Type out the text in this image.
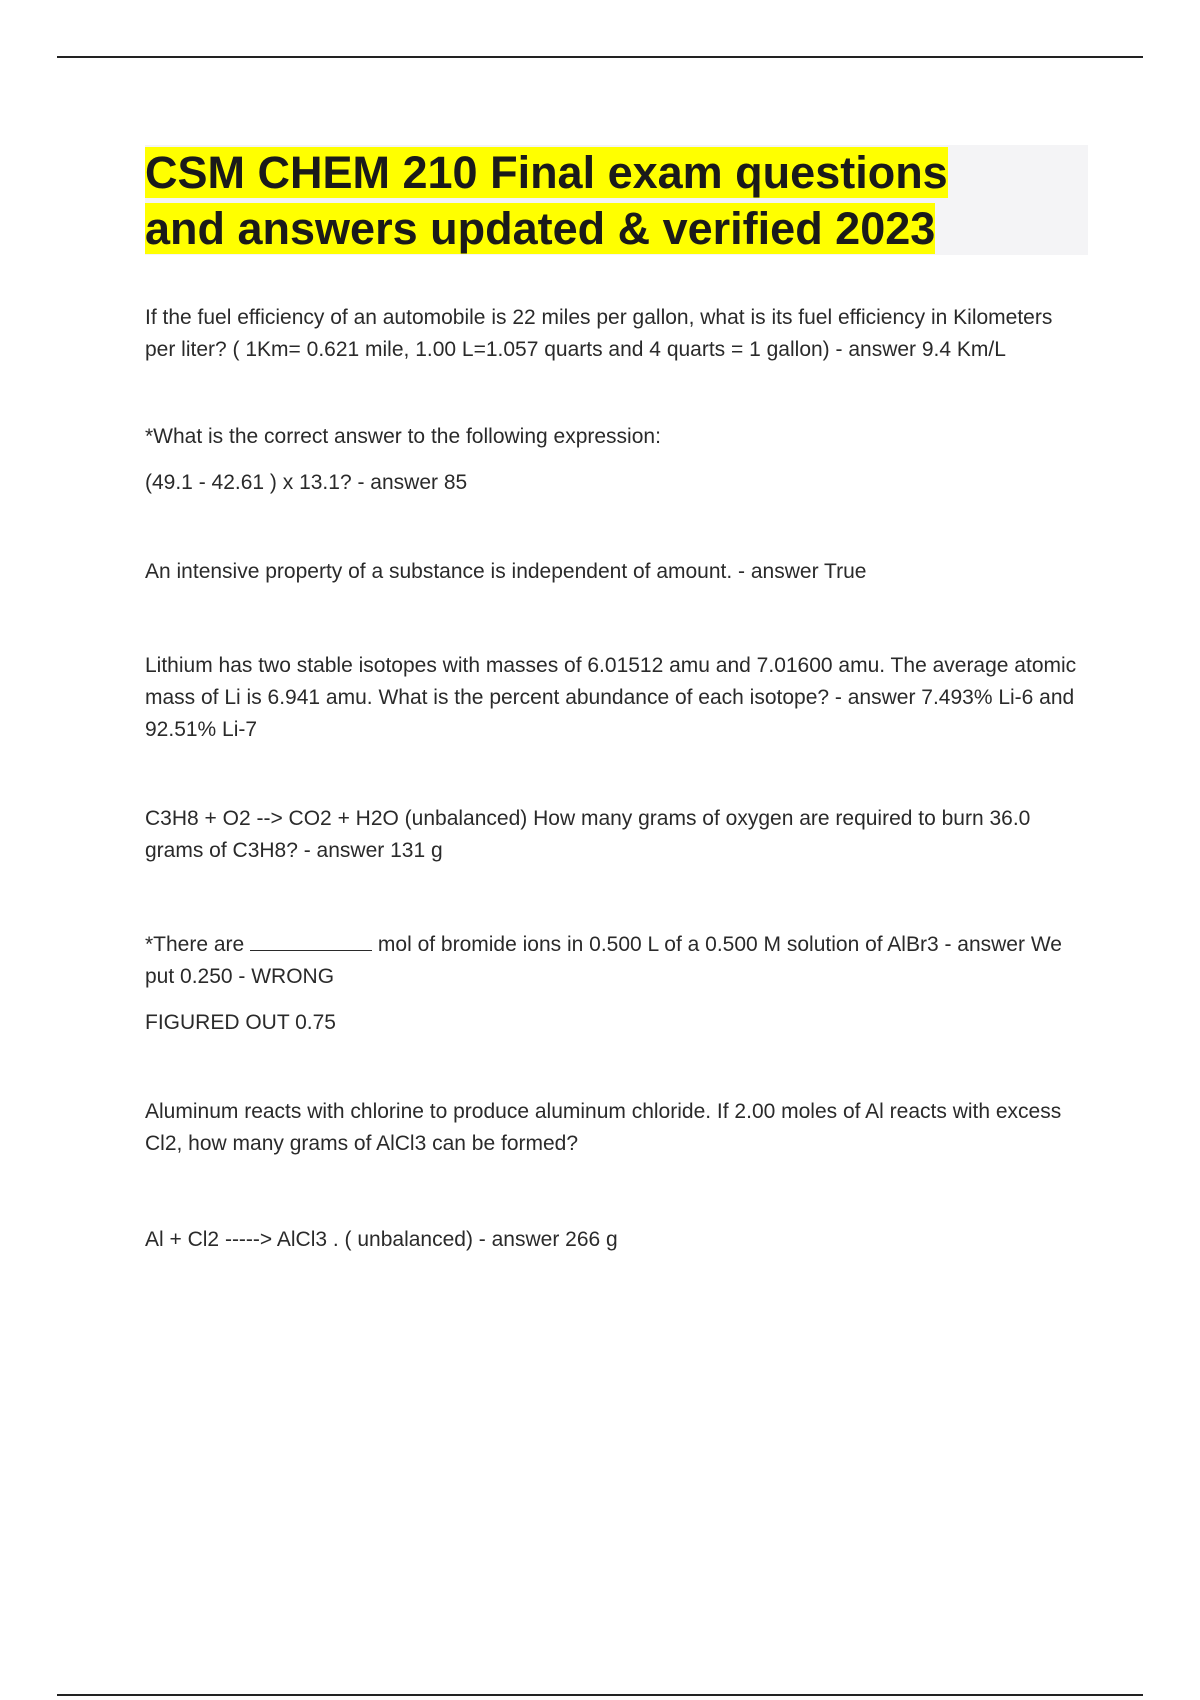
CSM CHEM 210 Final exam questions
and answers updated & verified 2023

If the fuel efficiency of an automobile is 22 miles per gallon, what is its fuel efficiency in Kilometers per liter? ( 1Km= 0.621 mile, 1.00 L=1.057 quarts and 4 quarts = 1 gallon) - answer 9.4 Km/L

*What is the correct answer to the following expression:

(49.1 - 42.61 ) x 13.1? - answer 85

An intensive property of a substance is independent of amount. - answer True

Lithium has two stable isotopes with masses of 6.01512 amu and 7.01600 amu. The average atomic mass of Li is 6.941 amu. What is the percent abundance of each isotope? - answer 7.493% Li-6 and 92.51% Li-7

C3H8 + O2 --> CO2 + H2O (unbalanced) How many grams of oxygen are required to burn 36.0 grams of C3H8? - answer 131 g

*There are	mol of bromide ions in 0.500 L of a 0.500 M solution of AlBr3 - answer We put 0.250 - WRONG

FIGURED OUT 0.75

Aluminum reacts with chlorine to produce aluminum chloride. If 2.00 moles of Al reacts with excess Cl2, how many grams of AlCl3 can be formed?

Al + Cl2 -----> AlCl3 . ( unbalanced) - answer 266 g
